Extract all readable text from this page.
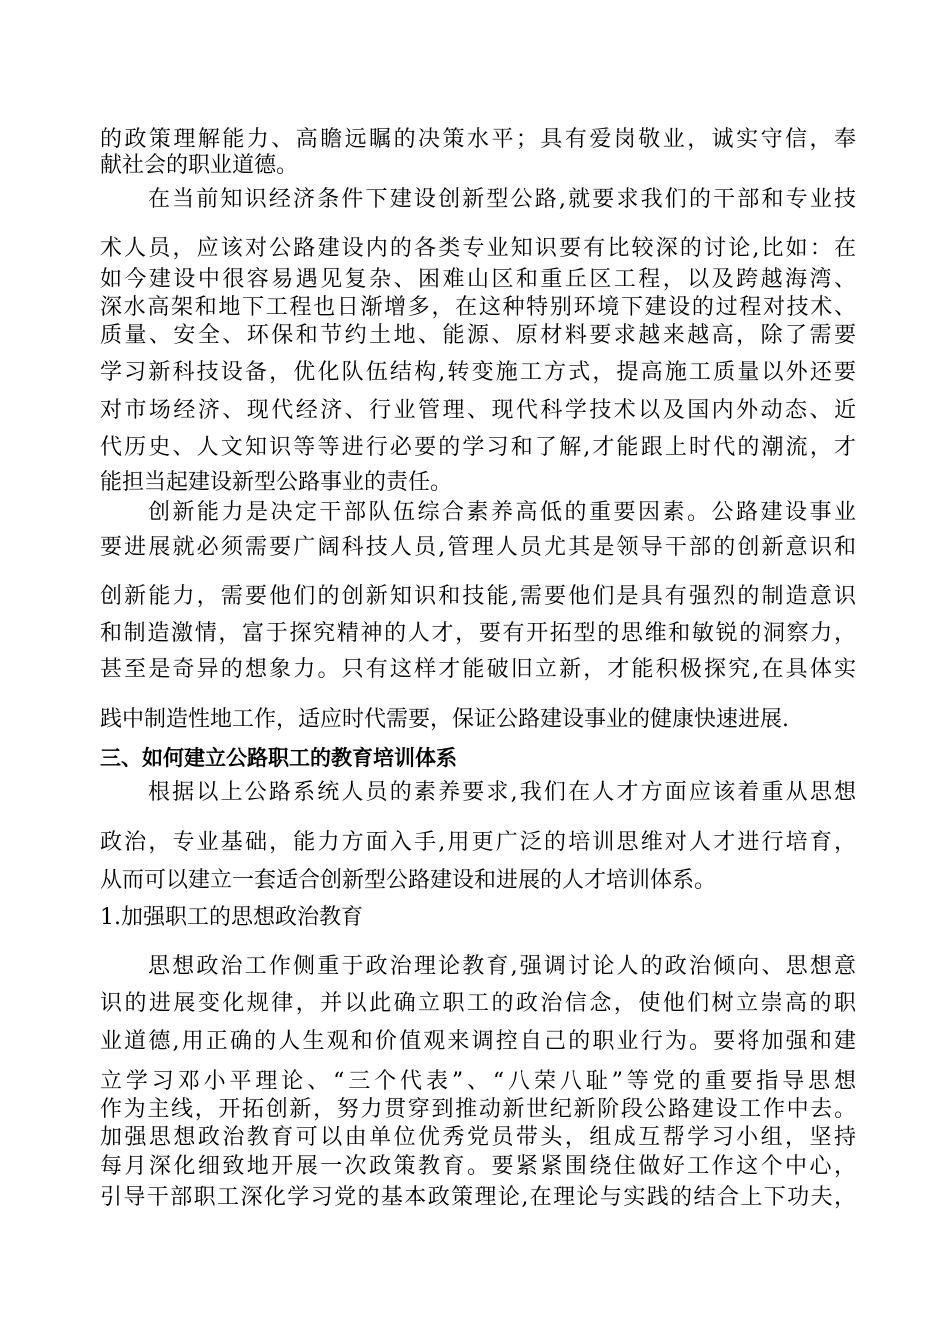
的政策理解能力、高瞻远瞩的决策水平；具有爱岗敬业，诚实守信，奉
献社会的职业道德。
在当前知识经济条件下建设创新型公路,就要求我们的干部和专业技
术人员，应该对公路建设内的各类专业知识要有比较深的讨论,比如：在
如今建设中很容易遇见复杂、困难山区和重丘区工程，以及跨越海湾、
深水高架和地下工程也日渐增多，在这种特别环境下建设的过程对技术、
质量、安全、环保和节约土地、能源、原材料要求越来越高，除了需要
学习新科技设备，优化队伍结构,转变施工方式，提高施工质量以外还要
对市场经济、现代经济、行业管理、现代科学技术以及国内外动态、近
代历史、人文知识等等进行必要的学习和了解,才能跟上时代的潮流，才
能担当起建设新型公路事业的责任。
创新能力是决定干部队伍综合素养高低的重要因素。公路建设事业
要进展就必须需要广阔科技人员,管理人员尤其是领导干部的创新意识和
创新能力，需要他们的创新知识和技能,需要他们是具有强烈的制造意识
和制造激情，富于探究精神的人才，要有开拓型的思维和敏锐的洞察力，
甚至是奇异的想象力。只有这样才能破旧立新，才能积极探究,在具体实
践中制造性地工作，适应时代需要，保证公路建设事业的健康快速进展.
三、如何建立公路职工的教育培训体系
根据以上公路系统人员的素养要求,我们在人才方面应该着重从思想
政治，专业基础，能力方面入手,用更广泛的培训思维对人才进行培育，
从而可以建立一套适合创新型公路建设和进展的人才培训体系。
1.加强职工的思想政治教育
思想政治工作侧重于政治理论教育,强调讨论人的政治倾向、思想意
识的进展变化规律，并以此确立职工的政治信念，使他们树立崇高的职
业道德,用正确的人生观和价值观来调控自己的职业行为。要将加强和建
立学习邓小平理论、“三个代表”、“八荣八耻”等党的重要指导思想
作为主线，开拓创新，努力贯穿到推动新世纪新阶段公路建设工作中去。
加强思想政治教育可以由单位优秀党员带头，组成互帮学习小组，坚持
每月深化细致地开展一次政策教育。要紧紧围绕住做好工作这个中心，
引导干部职工深化学习党的基本政策理论,在理论与实践的结合上下功夫，
